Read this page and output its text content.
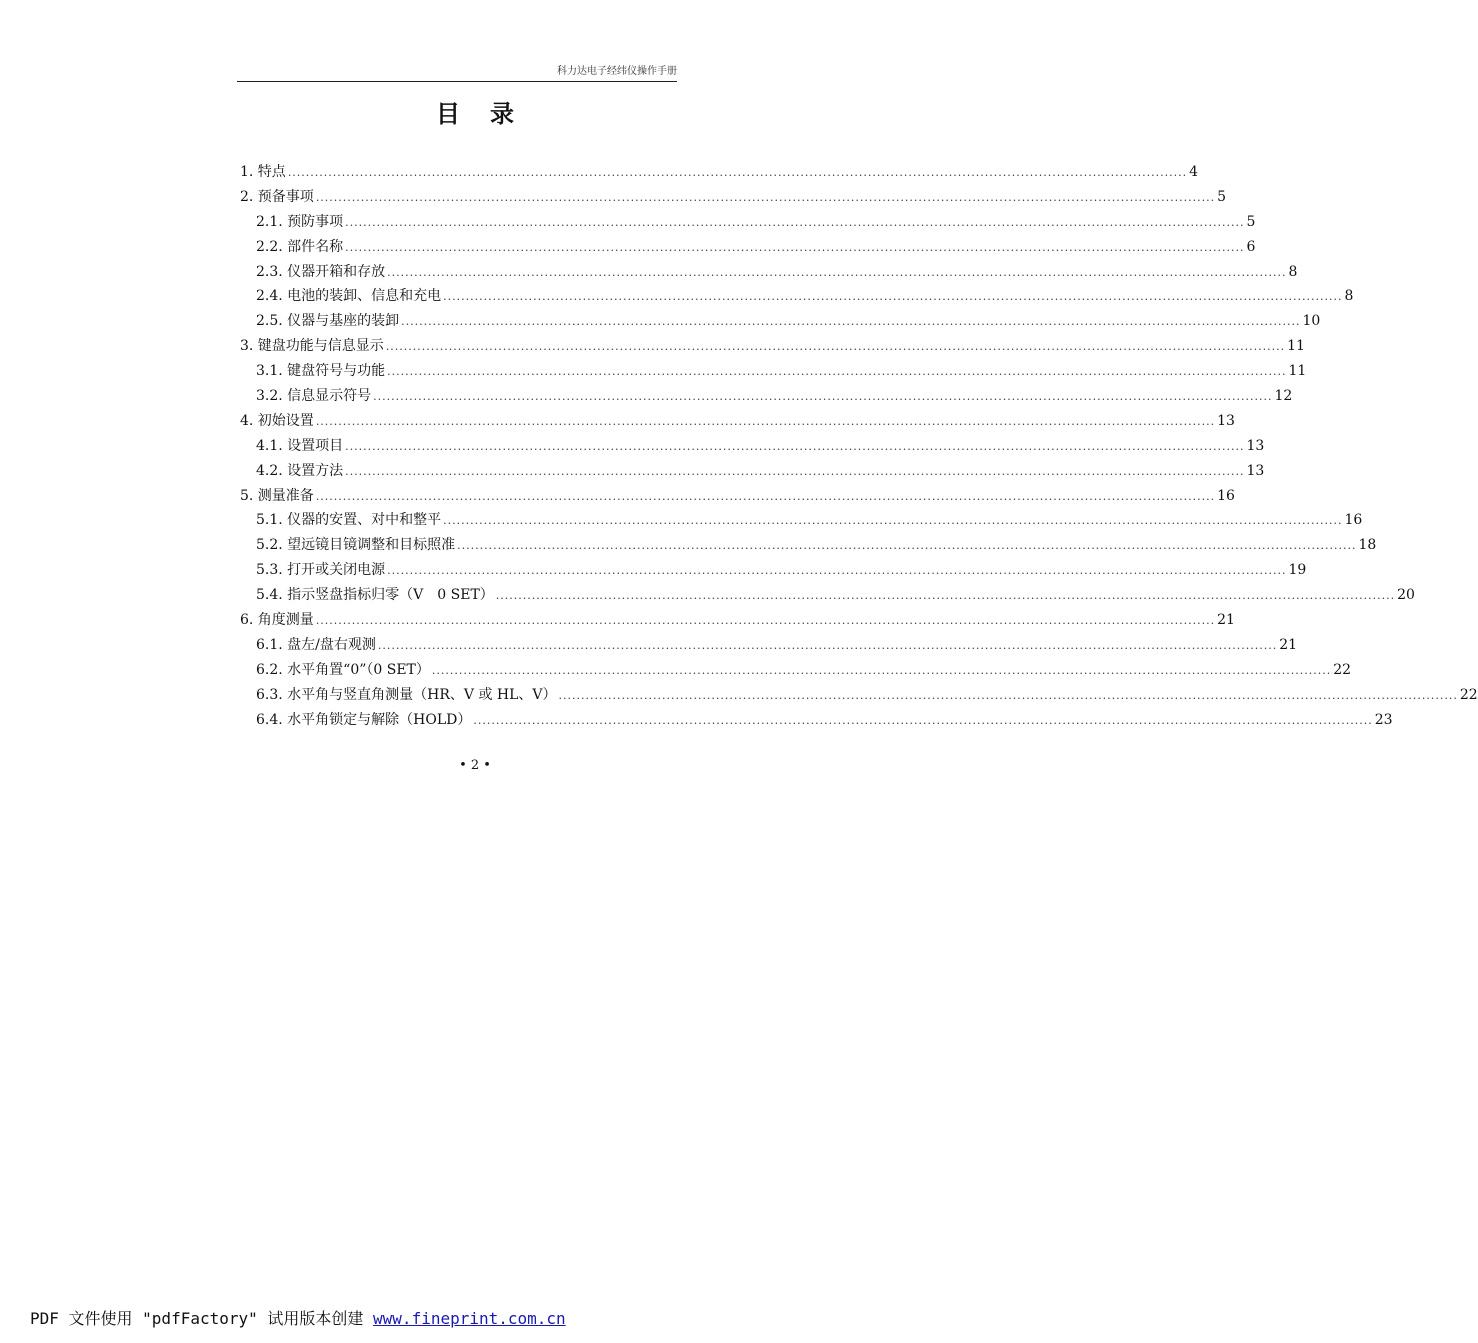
科力达电子经纬仪操作手册
目录
1. 特点 ........................................................................................................................................................................................................ 4
2. 预备事项 ........................................................................................................................................................................................................ 5
2.1. 预防事项 ........................................................................................................................................................................................................ 5
2.2. 部件名称 ........................................................................................................................................................................................................ 6
2.3. 仪器开箱和存放 ........................................................................................................................................................................................................ 8
2.4. 电池的装卸、信息和充电 ........................................................................................................................................................................................................ 8
2.5. 仪器与基座的装卸 ........................................................................................................................................................................................................ 10
3. 键盘功能与信息显示 ........................................................................................................................................................................................................ 11
3.1. 键盘符号与功能 ........................................................................................................................................................................................................ 11
3.2. 信息显示符号 ........................................................................................................................................................................................................ 12
4. 初始设置 ........................................................................................................................................................................................................ 13
4.1. 设置项目 ........................................................................................................................................................................................................ 13
4.2. 设置方法 ........................................................................................................................................................................................................ 13
5. 测量准备 ........................................................................................................................................................................................................ 16
5.1. 仪器的安置、对中和整平 ........................................................................................................................................................................................................ 16
5.2. 望远镜目镜调整和目标照准 ........................................................................................................................................................................................................ 18
5.3. 打开或关闭电源 ........................................................................................................................................................................................................ 19
5.4. 指示竖盘指标归零（V　0 SET） ........................................................................................................................................................................................................ 20
6. 角度测量 ........................................................................................................................................................................................................ 21
6.1. 盘左/盘右观测 ........................................................................................................................................................................................................ 21
6.2. 水平角置“0”（0 SET） ........................................................................................................................................................................................................ 22
6.3. 水平角与竖直角测量（HR、V 或 HL、V） ........................................................................................................................................................................................................ 22
6.4. 水平角锁定与解除（HOLD） ........................................................................................................................................................................................................ 23
• 2 •
PDF 文件使用 "pdfFactory" 试用版本创建 www.fineprint.com.cn
